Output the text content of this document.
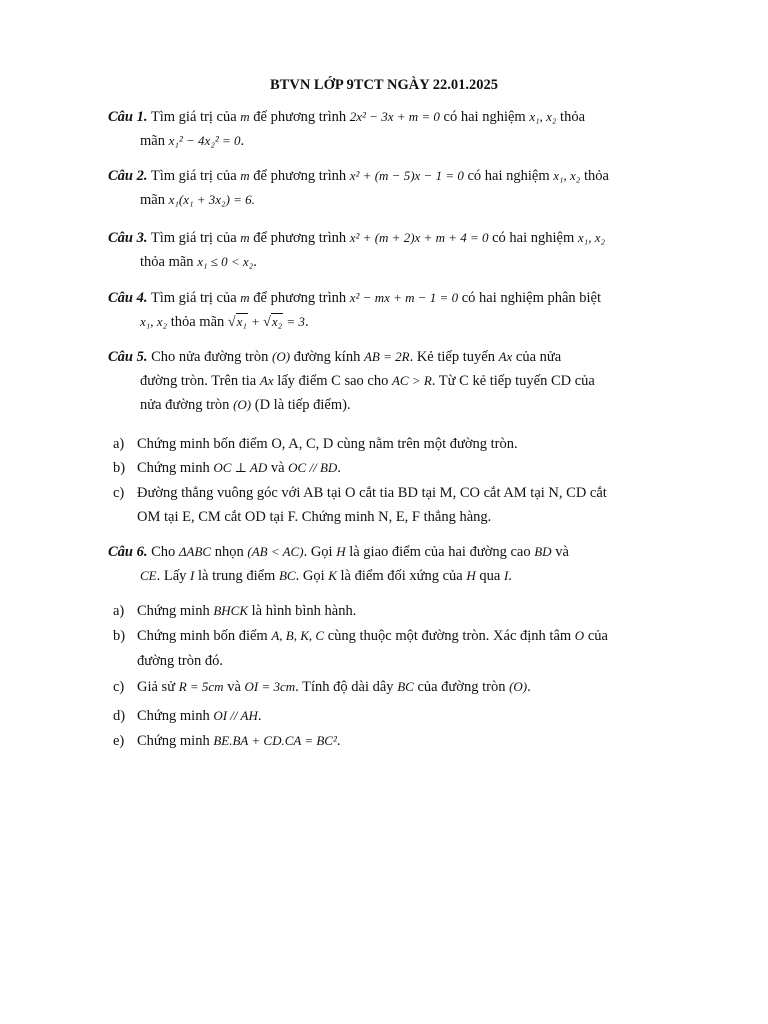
BTVN LỚP 9TCT NGÀY 22.01.2025
Câu 1. Tìm giá trị của m để phương trình 2x² − 3x + m = 0 có hai nghiệm x₁, x₂ thỏa
mãn x₁² − 4x₂² = 0.
Câu 2. Tìm giá trị của m để phương trình x² + (m − 5)x − 1 = 0 có hai nghiệm x₁, x₂ thỏa
mãn x₁(x₁ + 3x₂) = 6.
Câu 3. Tìm giá trị của m để phương trình x² + (m + 2)x + m + 4 = 0 có hai nghiệm x₁, x₂
thỏa mãn x₁ ≤ 0 < x₂.
Câu 4. Tìm giá trị của m để phương trình x² − mx + m − 1 = 0 có hai nghiệm phân biệt
x₁, x₂ thỏa mãn √x₁ + √x₂ = 3.
Câu 5. Cho nửa đường tròn (O) đường kính AB = 2R. Kẻ tiếp tuyến Ax của nửa
đường tròn. Trên tia Ax lấy điểm C sao cho AC > R. Từ C kẻ tiếp tuyến CD của
nửa đường tròn (O) (D là tiếp điểm).
a) Chứng minh bốn điểm O, A, C, D cùng nằm trên một đường tròn.
b) Chứng minh OC ⊥ AD và OC // BD.
c) Đường thẳng vuông góc với AB tại O cắt tia BD tại M, CO cắt AM tại N, CD cắt
OM tại E, CM cắt OD tại F. Chứng minh N, E, F thẳng hàng.
Câu 6. Cho ΔABC nhọn (AB < AC). Gọi H là giao điểm của hai đường cao BD và
CE. Lấy I là trung điểm BC. Gọi K là điểm đối xứng của H qua I.
a) Chứng minh BHCK là hình bình hành.
b) Chứng minh bốn điểm A, B, K, C cùng thuộc một đường tròn. Xác định tâm O của
đường tròn đó.
c) Giả sử R = 5cm và OI = 3cm. Tính độ dài dây BC của đường tròn (O).
d) Chứng minh OI // AH.
e) Chứng minh BE.BA + CD.CA = BC².
